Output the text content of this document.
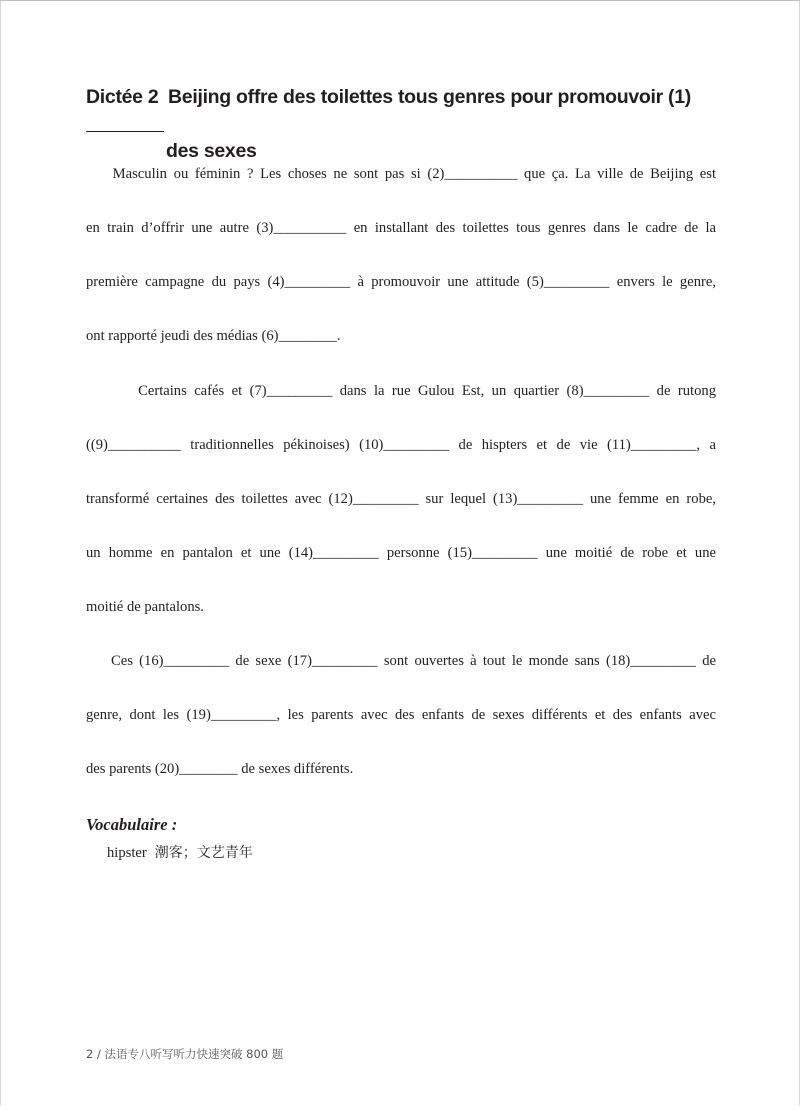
Dictée 2 Beijing offre des toilettes tous genres pour promouvoir (1)
des sexes
Masculin ou féminin ? Les choses ne sont pas si (2)__________ que ça. La ville de Beijing est
en train d’offrir une autre (3)__________ en installant des toilettes tous genres dans le cadre de la
première campagne du pays (4)_________ à promouvoir une attitude (5)_________ envers le genre,
ont rapporté jeudi des médias (6)________.
Certains cafés et (7)_________ dans la rue Gulou Est, un quartier (8)_________ de rutong
((9)__________ traditionnelles pékinoises) (10)_________ de hispters et de vie (11)_________, a
transformé certaines des toilettes avec (12)_________ sur lequel (13)_________ une femme en robe,
un homme en pantalon et une (14)_________ personne (15)_________ une moitié de robe et une
moitié de pantalons.
Ces (16)_________ de sexe (17)_________ sont ouvertes à tout le monde sans (18)_________ de
genre, dont les (19)_________, les parents avec des enfants de sexes différents et des enfants avec
des parents (20)________ de sexes différents.
Vocabulaire :
hipster 潮客；文艺青年
2 / 法语专八听写听力快速突破 800 题
